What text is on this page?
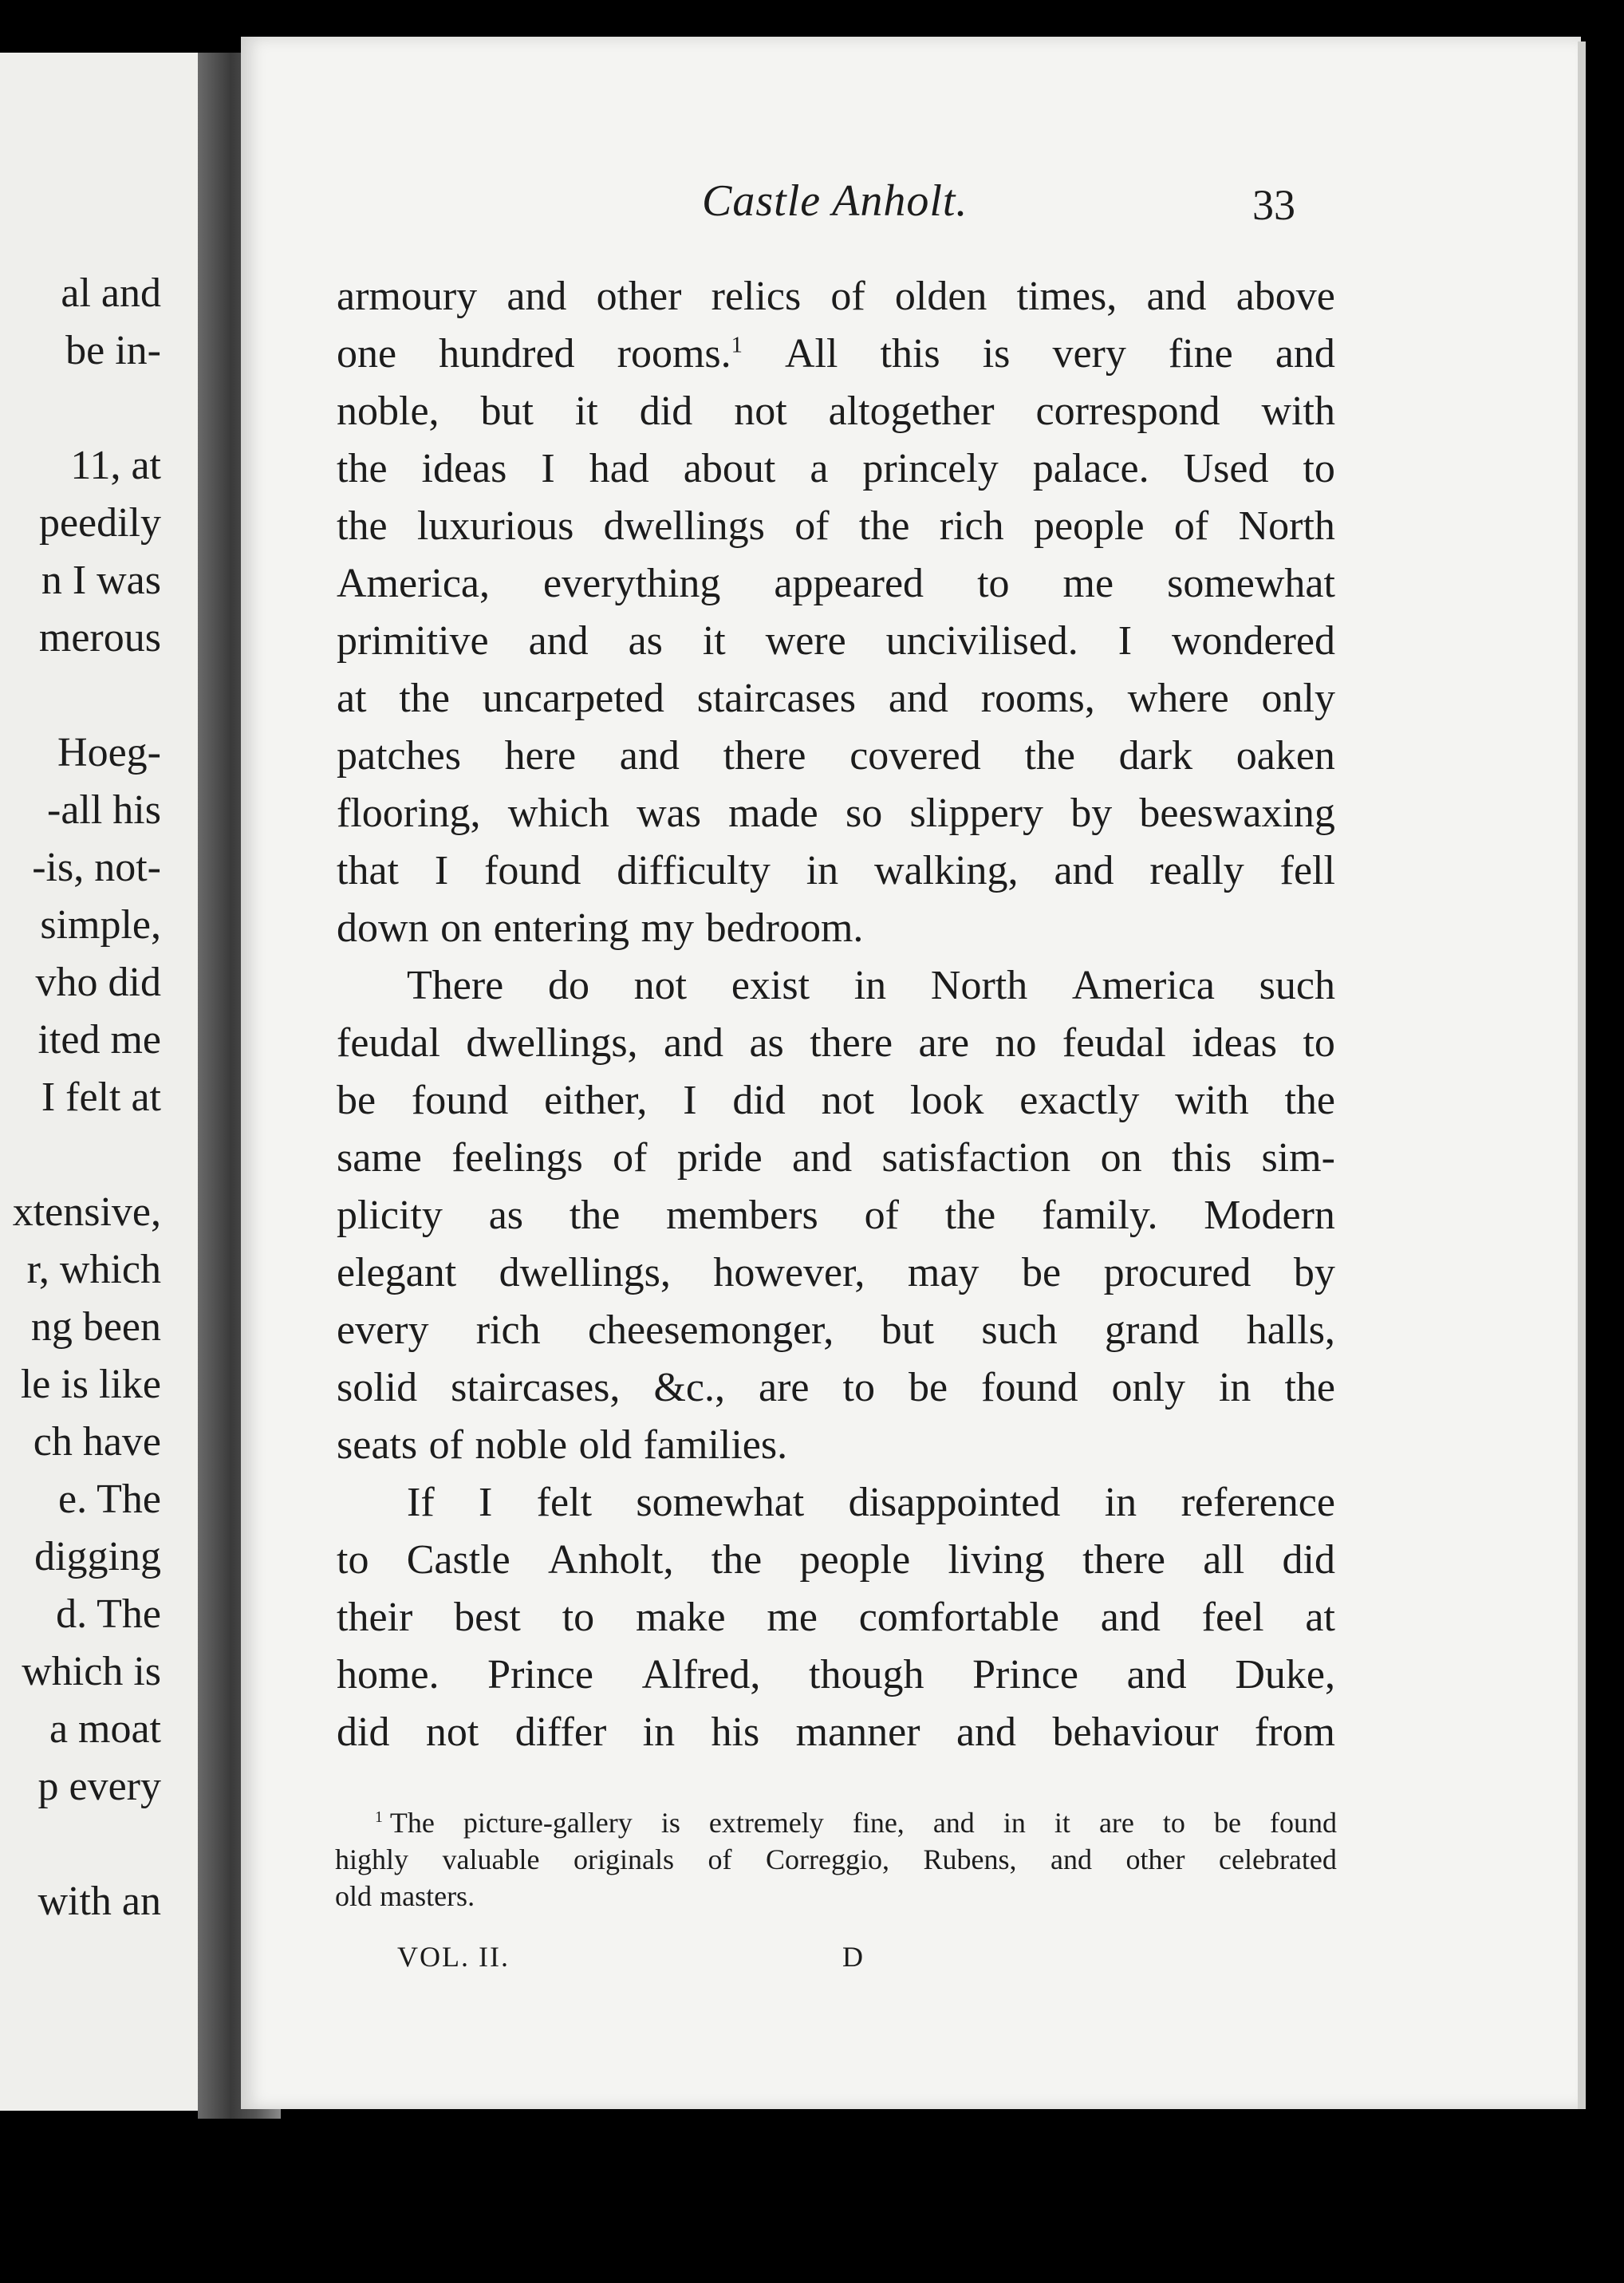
al and
be in-
11, at
peedily
n I was
merous
Hoeg-
-all his
-is, not-
simple,
vho did
ited me
I felt at
xtensive,
r, which
ng been
le is like
ch have
e. The
digging
d. The
which is
a moat
p every
with an
Castle Anholt.	33
armoury and other relics of olden times, and above
one hundred rooms.$^1$ All this is very fine and
noble, but it did not altogether correspond with
the ideas I had about a princely palace. Used to
the luxurious dwellings of the rich people of North
America, everything appeared to me somewhat
primitive and as it were uncivilised. I wondered
at the uncarpeted staircases and rooms, where only
patches here and there covered the dark oaken
flooring, which was made so slippery by beeswaxing
that I found difficulty in walking, and really fell
down on entering my bedroom.
There do not exist in North America such
feudal dwellings, and as there are no feudal ideas to
be found either, I did not look exactly with the
same feelings of pride and satisfaction on this sim-
plicity as the members of the family. Modern
elegant dwellings, however, may be procured by
every rich cheesemonger, but such grand halls,
solid staircases, &c., are to be found only in the
seats of noble old families.
If I felt somewhat disappointed in reference
to Castle Anholt, the people living there all did
their best to make me comfortable and feel at
home. Prince Alfred, though Prince and Duke,
did not differ in his manner and behaviour from
$^1$ The picture-gallery is extremely fine, and in it are to be found
highly valuable originals of Correggio, Rubens, and other celebrated
old masters.
VOL. II.	D
